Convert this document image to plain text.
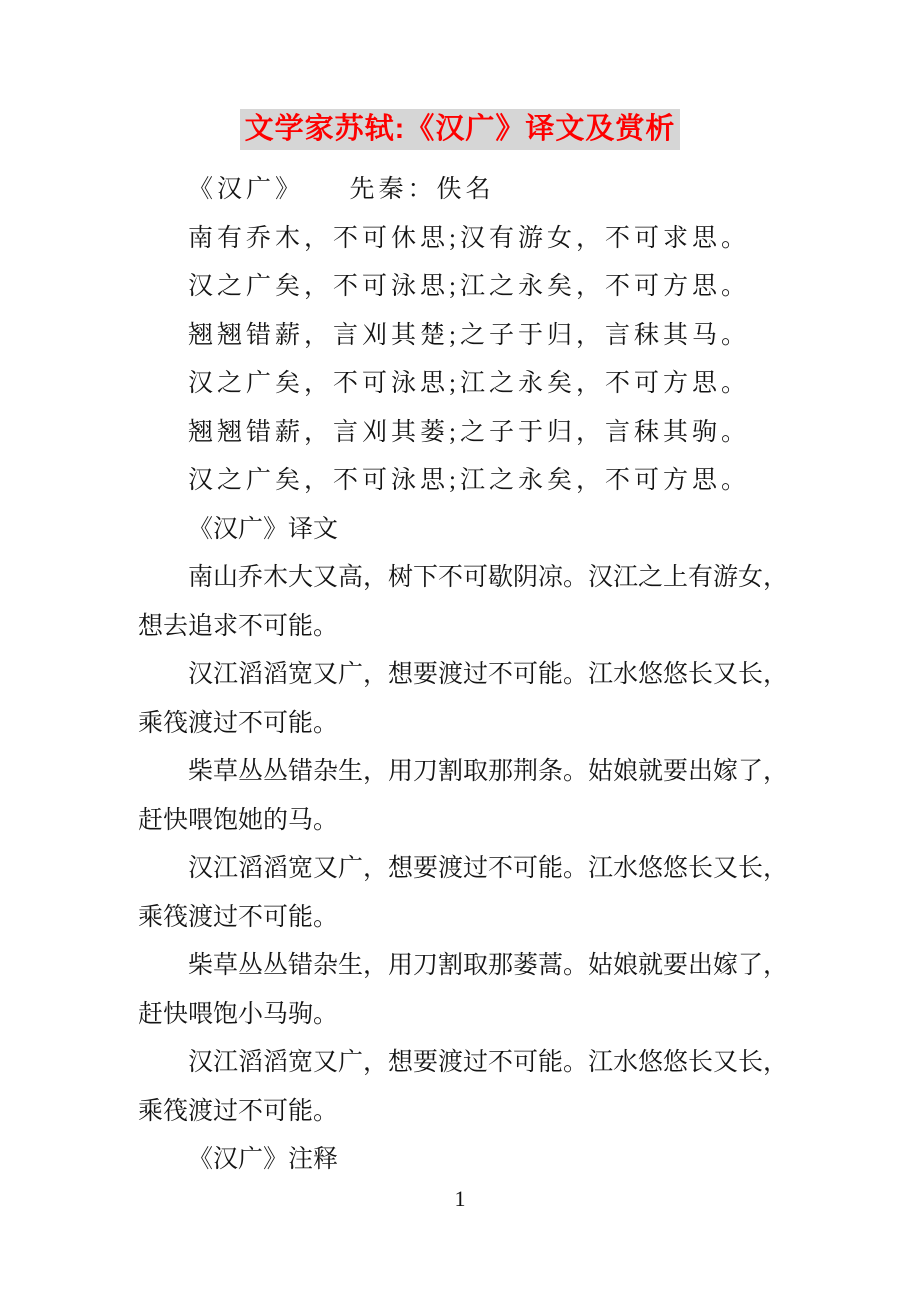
文学家苏轼:《汉广》译文及赏析
《汉广》　　先秦：佚名
南有乔木，不可休思;汉有游女，不可求思。
汉之广矣，不可泳思;江之永矣，不可方思。
翘翘错薪，言刈其楚;之子于归，言秣其马。
汉之广矣，不可泳思;江之永矣，不可方思。
翘翘错薪，言刈其蒌;之子于归，言秣其驹。
汉之广矣，不可泳思;江之永矣，不可方思。
《汉广》译文
南山乔木大又高，树下不可歇阴凉。汉江之上有游女，
想去追求不可能。
汉江滔滔宽又广，想要渡过不可能。江水悠悠长又长，
乘筏渡过不可能。
柴草丛丛错杂生，用刀割取那荆条。姑娘就要出嫁了，
赶快喂饱她的马。
汉江滔滔宽又广，想要渡过不可能。江水悠悠长又长，
乘筏渡过不可能。
柴草丛丛错杂生，用刀割取那蒌蒿。姑娘就要出嫁了，
赶快喂饱小马驹。
汉江滔滔宽又广，想要渡过不可能。江水悠悠长又长，
乘筏渡过不可能。
《汉广》注释
1
